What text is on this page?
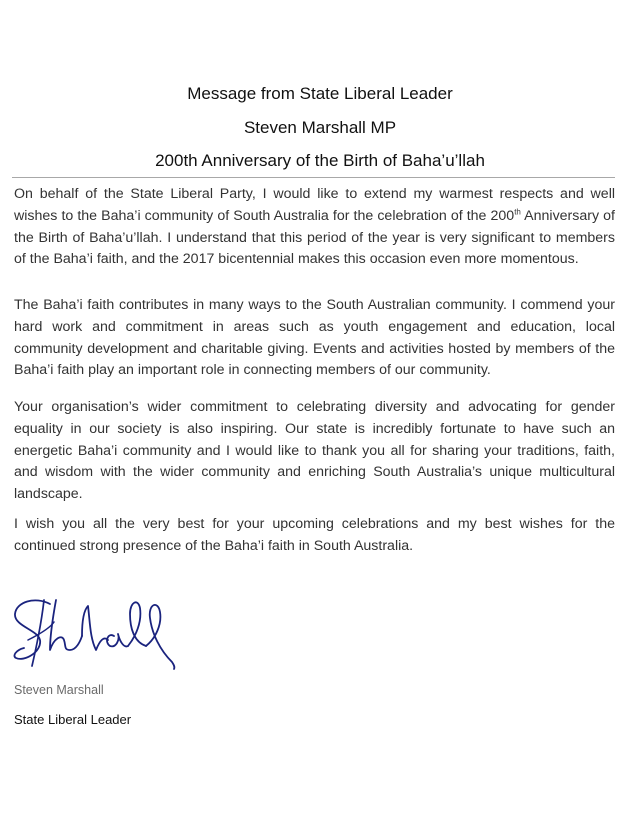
Message from State Liberal Leader
Steven Marshall MP
200th Anniversary of the Birth of Baha’u’llah

On behalf of the State Liberal Party, I would like to extend my warmest respects and well wishes to the Baha’i community of South Australia for the celebration of the 200th Anniversary of the Birth of Baha’u’llah. I understand that this period of the year is very significant to members of the Baha’i faith, and the 2017 bicentennial makes this occasion even more momentous.

The Baha’i faith contributes in many ways to the South Australian community. I commend your hard work and commitment in areas such as youth engagement and education, local community development and charitable giving. Events and activities hosted by members of the Baha’i faith play an important role in connecting members of our community.

Your organisation’s wider commitment to celebrating diversity and advocating for gender equality in our society is also inspiring. Our state is incredibly fortunate to have such an energetic Baha’i community and I would like to thank you all for sharing your traditions, faith, and wisdom with the wider community and enriching South Australia’s unique multicultural landscape.

I wish you all the very best for your upcoming celebrations and my best wishes for the continued strong presence of the Baha’i faith in South Australia.

Steven Marshall
State Liberal Leader
